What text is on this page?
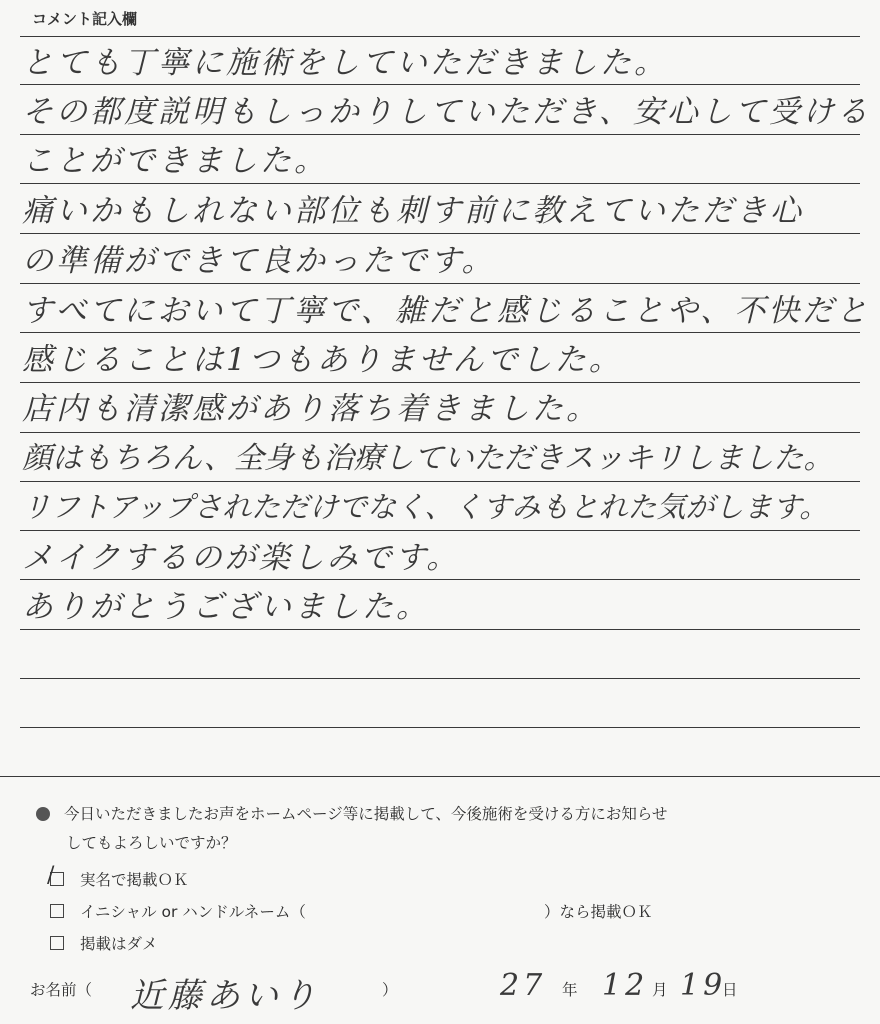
コメント記入欄
とても丁寧に施術をしていただきました。
その都度説明もしっかりしていただき、安心して受ける
ことができました。
痛いかもしれない部位も刺す前に教えていただき心
の準備ができて良かったです。
すべてにおいて丁寧で、雑だと感じることや、不快だと
感じることは1つもありませんでした。
店内も清潔感があり落ち着きました。
顔はもちろん、全身も治療していただきスッキリしました。
リフトアップされただけでなく、くすみもとれた気がします。
メイクするのが楽しみです。
ありがとうございました。
今日いただきましたお声をホームページ等に掲載して、今後施術を受ける方にお知らせ
してもよろしいですか？
/ 実名で掲載ＯＫ
イニシャル or ハンドルネーム（	）なら掲載ＯＫ
掲載はダメ
お名前（ 近藤あいり	）	27 年 12 月 19
日
